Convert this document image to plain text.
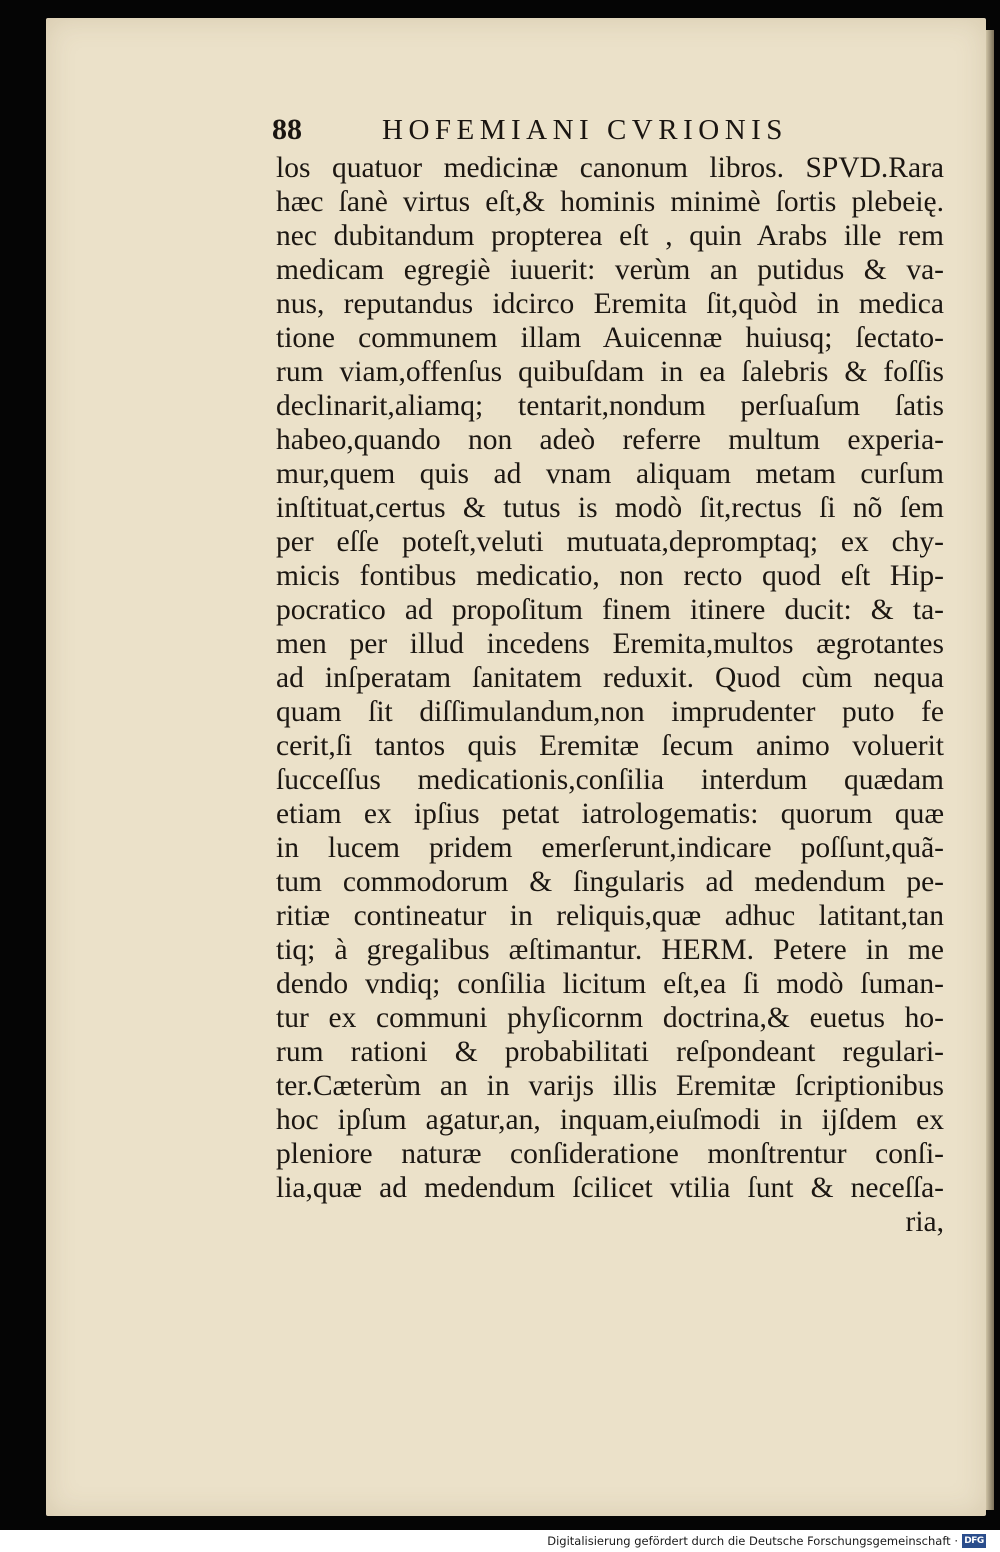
88	HOFEMIANI CVRIONIS
los quatuor medicinæ canonum libros. SPVD.Rara
hæc ſanè virtus eſt,& hominis minimè ſortis plebeię.
nec dubitandum propterea eſt , quin Arabs ille rem
medicam egregiè iuuerit: verùm an putidus & va-
nus, reputandus idcirco Eremita ſit,quòd in medica
tione communem illam Auicennæ huiusq; ſectato-
rum viam,offenſus quibuſdam in ea ſalebris & foſſis
declinarit,aliamq; tentarit,nondum perſuaſum ſatis
habeo,quando non adeò referre multum experia-
mur,quem quis ad vnam aliquam metam curſum
inſtituat,certus & tutus is modò ſit,rectus ſi nõ ſem
per eſſe poteſt,veluti mutuata,depromptaq; ex chy-
micis fontibus medicatio, non recto quod eſt Hip-
pocratico ad propoſitum finem itinere ducit: & ta-
men per illud incedens Eremita,multos ægrotantes
ad inſperatam ſanitatem reduxit. Quod cùm nequa
quam ſit diſſimulandum,non imprudenter puto fe
cerit,ſi tantos quis Eremitæ ſecum animo voluerit
ſucceſſus medicationis,conſilia interdum quædam
etiam ex ipſius petat iatrologematis: quorum quæ
in lucem pridem emerſerunt,indicare poſſunt,quã-
tum commodorum & ſingularis ad medendum pe-
ritiæ contineatur in reliquis,quæ adhuc latitant,tan
tiq; à gregalibus æſtimantur. HERM. Petere in me
dendo vndiq; conſilia licitum eſt,ea ſi modò ſuman-
tur ex communi phyſicornm doctrina,& euetus ho-
rum rationi & probabilitati reſpondeant regulari-
ter.Cæterùm an in varijs illis Eremitæ ſcriptionibus
hoc ipſum agatur,an, inquam,eiuſmodi in ijſdem ex
pleniore naturæ conſideratione monſtrentur conſi-
lia,quæ ad medendum ſcilicet vtilia ſunt & neceſſa-
ria,
Digitalisierung gefördert durch die Deutsche Forschungsgemeinschaft · DFG
